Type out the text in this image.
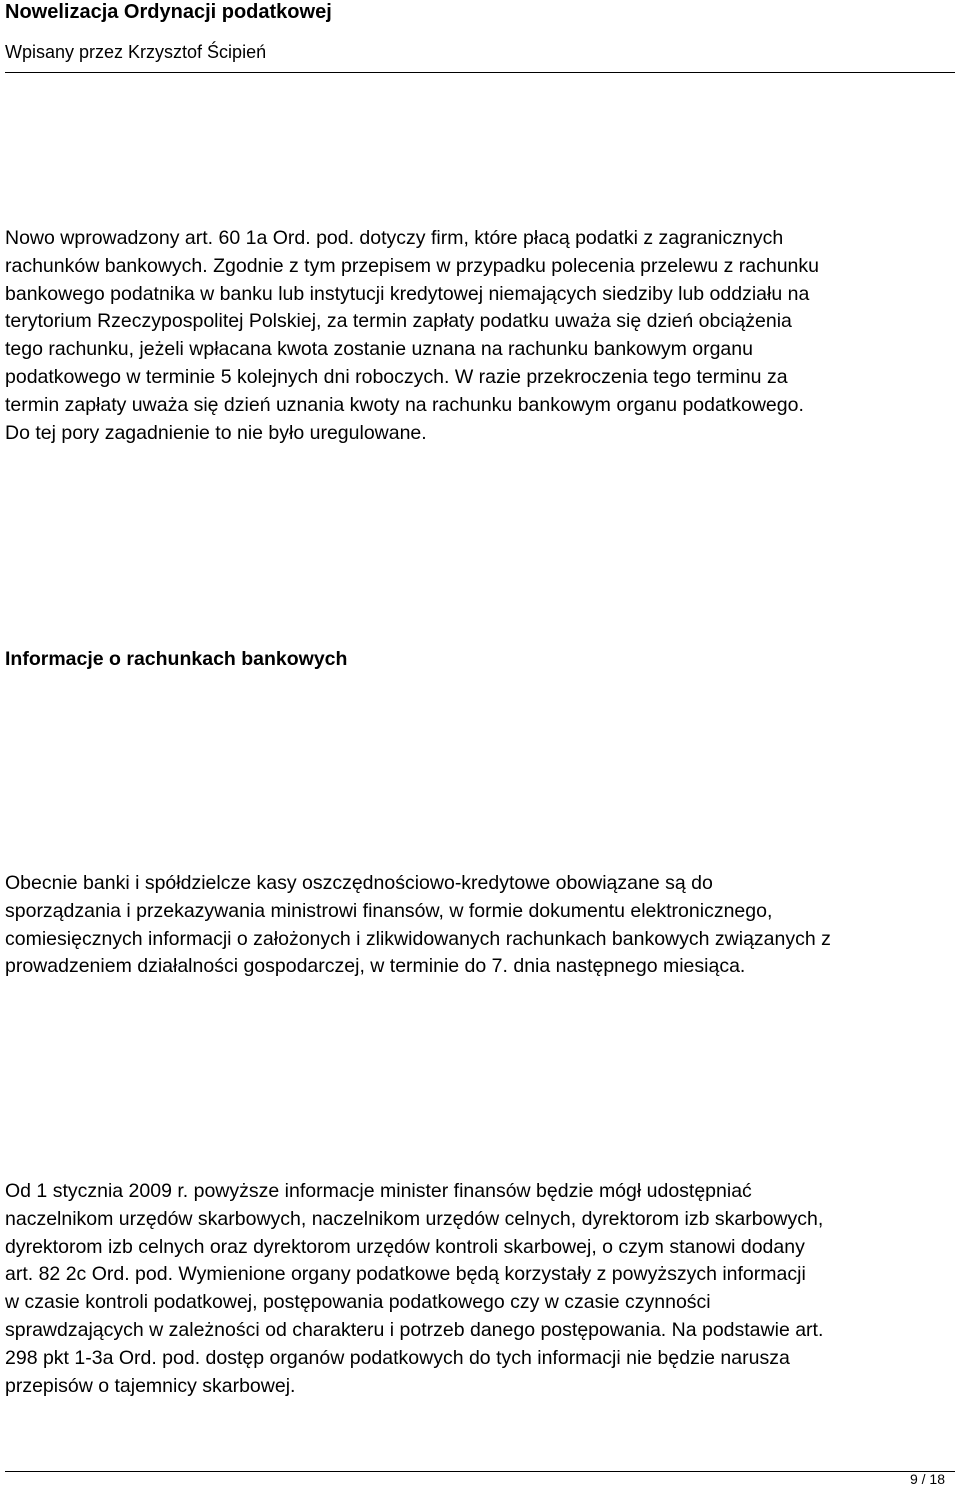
Nowelizacja Ordynacji podatkowej
Wpisany przez Krzysztof Ścipień
Nowo wprowadzony art. 60 1a Ord. pod. dotyczy firm, które płacą podatki z zagranicznych
rachunków bankowych. Zgodnie z tym przepisem w przypadku polecenia przelewu z rachunku
bankowego podatnika w banku lub instytucji kredytowej niemających siedziby lub oddziału na
terytorium Rzeczypospolitej Polskiej, za termin zapłaty podatku uważa się dzień obciążenia
tego rachunku, jeżeli wpłacana kwota zostanie uznana na rachunku bankowym organu
podatkowego w terminie 5 kolejnych dni roboczych. W razie przekroczenia tego terminu za
termin zapłaty uważa się dzień uznania kwoty na rachunku bankowym organu podatkowego.
Do tej pory zagadnienie to nie było uregulowane.
Informacje o rachunkach bankowych
Obecnie banki i spółdzielcze kasy oszczędnościowo-kredytowe obowiązane są do
sporządzania i przekazywania ministrowi finansów, w formie dokumentu elektronicznego,
comiesięcznych informacji o założonych i zlikwidowanych rachunkach bankowych związanych z
prowadzeniem działalności gospodarczej, w terminie do 7. dnia następnego miesiąca.
Od 1 stycznia 2009 r. powyższe informacje minister finansów będzie mógł udostępniać
naczelnikom urzędów skarbowych, naczelnikom urzędów celnych, dyrektorom izb skarbowych,
dyrektorom izb celnych oraz dyrektorom urzędów kontroli skarbowej, o czym stanowi dodany
art. 82 2c Ord. pod. Wymienione organy podatkowe będą korzystały z powyższych informacji
w czasie kontroli podatkowej, postępowania podatkowego czy w czasie czynności
sprawdzających w zależności od charakteru i potrzeb danego postępowania. Na podstawie art.
298 pkt 1-3a Ord. pod. dostęp organów podatkowych do tych informacji nie będzie narusza
przepisów o tajemnicy skarbowej.
9 / 18
